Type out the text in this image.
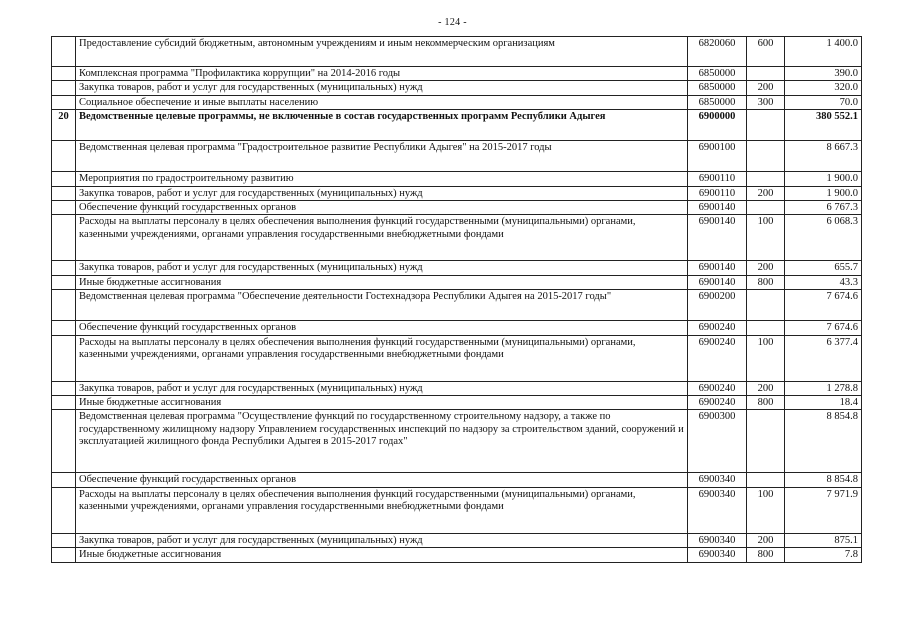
- 124 -
	Предоставление субсидий бюджетным, автономным учреждениям и иным некоммерческим организациям	6820060	600	1 400.0
	Комплексная программа "Профилактика коррупции" на 2014-2016 годы	6850000		390.0
	Закупка товаров, работ и услуг для государственных (муниципальных) нужд	6850000	200	320.0
	Социальное обеспечение и иные выплаты населению	6850000	300	70.0
20	Ведомственные целевые программы, не включенные в состав государственных программ Республики Адыгея	6900000		380 552.1
	Ведомственная целевая программа "Градостроительное развитие Республики Адыгея" на 2015-2017 годы	6900100		8 667.3
	Мероприятия по градостроительному развитию	6900110		1 900.0
	Закупка товаров, работ и услуг для государственных (муниципальных) нужд	6900110	200	1 900.0
	Обеспечение функций государственных органов	6900140		6 767.3
	Расходы на выплаты персоналу в целях обеспечения выполнения функций государственными (муниципальными) органами, казенными учреждениями, органами управления государственными внебюджетными фондами	6900140	100	6 068.3
	Закупка товаров, работ и услуг для государственных (муниципальных) нужд	6900140	200	655.7
	Иные бюджетные ассигнования	6900140	800	43.3
	Ведомственная целевая программа "Обеспечение деятельности Гостехнадзора Республики Адыгея на 2015-2017 годы"	6900200		7 674.6
	Обеспечение функций государственных органов	6900240		7 674.6
	Расходы на выплаты персоналу в целях обеспечения выполнения функций государственными (муниципальными) органами, казенными учреждениями, органами управления государственными внебюджетными фондами	6900240	100	6 377.4
	Закупка товаров, работ и услуг для государственных (муниципальных) нужд	6900240	200	1 278.8
	Иные бюджетные ассигнования	6900240	800	18.4
	Ведомственная целевая программа "Осуществление функций по государственному строительному надзору, а также по государственному жилищному надзору Управлением государственных инспекций по надзору за строительством зданий, сооружений и эксплуатацией жилищного фонда Республики Адыгея в 2015-2017 годах"	6900300		8 854.8
	Обеспечение функций государственных органов	6900340		8 854.8
	Расходы на выплаты персоналу в целях обеспечения выполнения функций государственными (муниципальными) органами, казенными учреждениями, органами управления государственными внебюджетными фондами	6900340	100	7 971.9
	Закупка товаров, работ и услуг для государственных (муниципальных) нужд	6900340	200	875.1
	Иные бюджетные ассигнования	6900340	800	7.8
